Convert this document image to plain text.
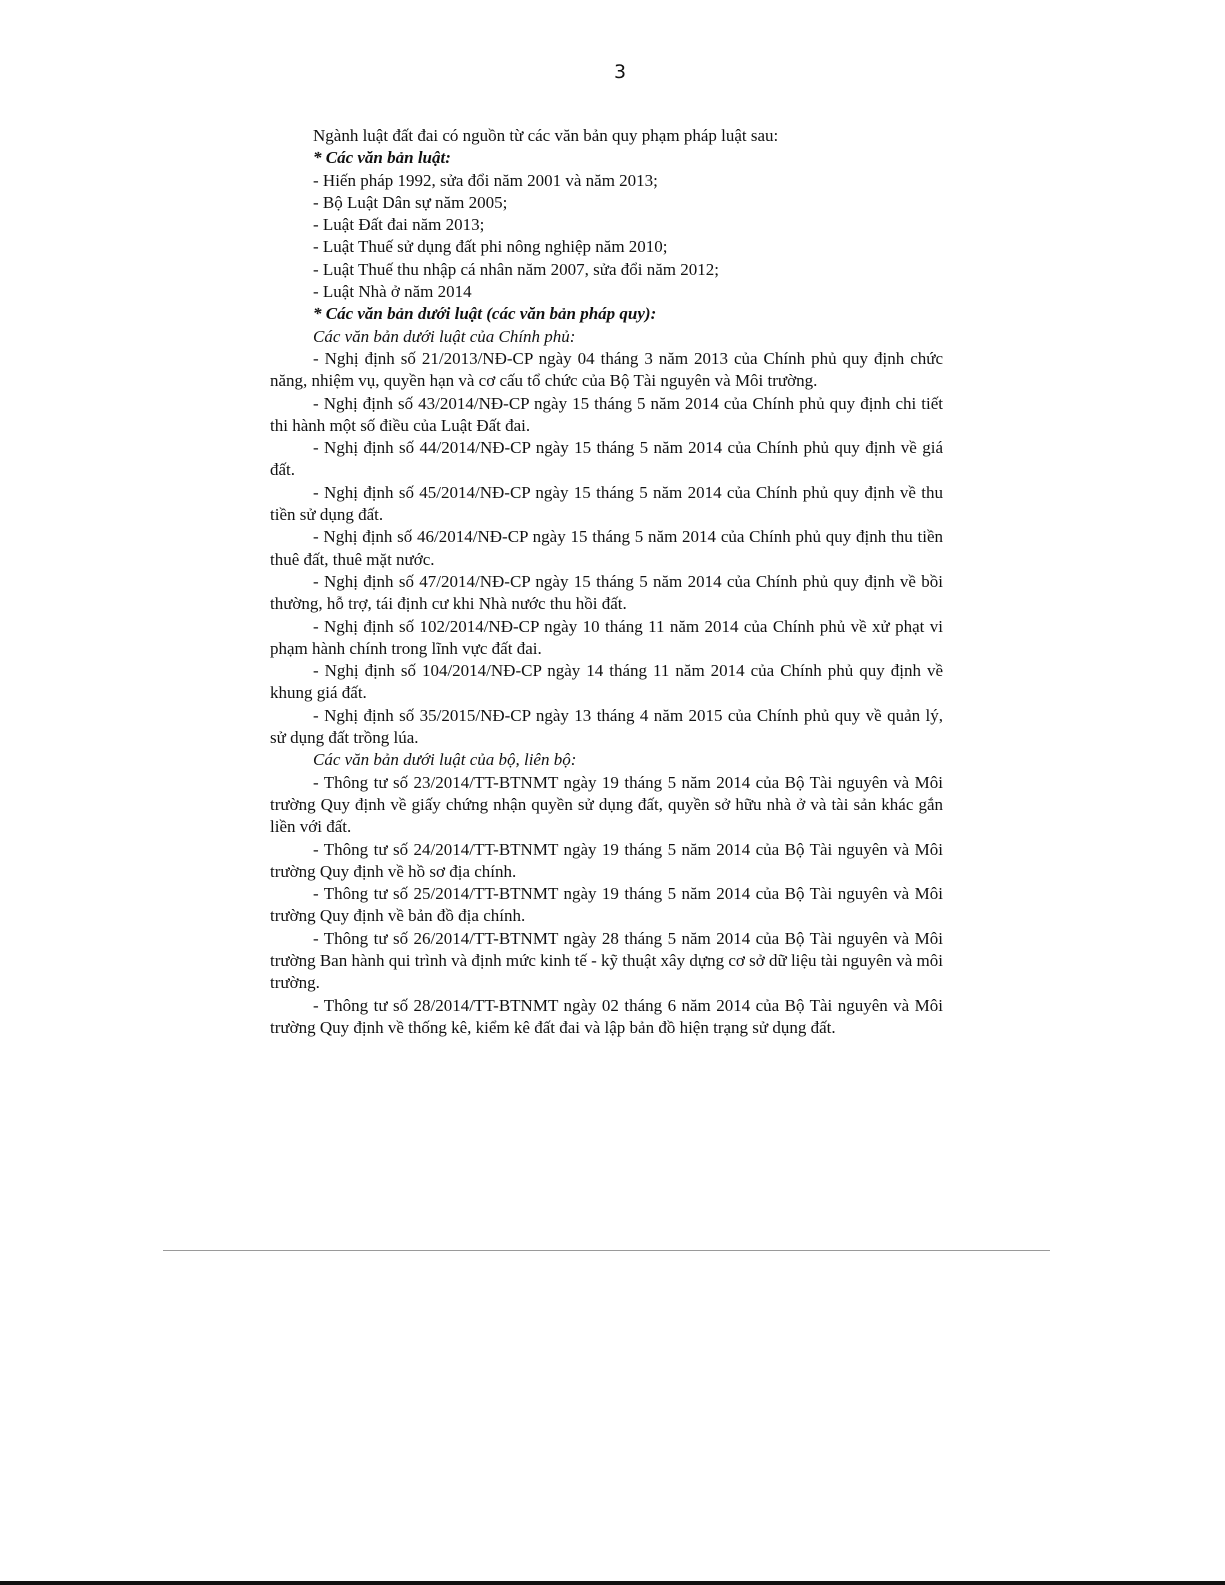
3

Ngành luật đất đai có nguồn từ các văn bản quy phạm pháp luật sau:

* Các văn bản luật:

- Hiến pháp 1992, sửa đổi năm 2001 và năm 2013;

- Bộ Luật Dân sự năm 2005;

- Luật Đất đai năm 2013;

- Luật Thuế sử dụng đất phi nông nghiệp năm 2010;

- Luật Thuế thu nhập cá nhân năm 2007, sửa đổi năm 2012;

- Luật Nhà ở năm 2014

* Các văn bản dưới luật (các văn bản pháp quy):

Các văn bản dưới luật của Chính phủ:

- Nghị định số 21/2013/NĐ-CP ngày 04 tháng 3 năm 2013 của Chính phủ quy định chức năng, nhiệm vụ, quyền hạn và cơ cấu tổ chức của Bộ Tài nguyên và Môi trường.

- Nghị định số 43/2014/NĐ-CP ngày 15 tháng 5 năm 2014 của Chính phủ quy định chi tiết thi hành một số điều của Luật Đất đai.

- Nghị định số 44/2014/NĐ-CP ngày 15 tháng 5 năm 2014 của Chính phủ quy định về giá đất.

- Nghị định số 45/2014/NĐ-CP ngày 15 tháng 5 năm 2014 của Chính phủ quy định về thu tiền sử dụng đất.

- Nghị định số 46/2014/NĐ-CP ngày 15 tháng 5 năm 2014 của Chính phủ quy định thu tiền thuê đất, thuê mặt nước.

- Nghị định số 47/2014/NĐ-CP ngày 15 tháng 5 năm 2014 của Chính phủ quy định về bồi thường, hỗ trợ, tái định cư khi Nhà nước thu hồi đất.

- Nghị định số 102/2014/NĐ-CP ngày 10 tháng 11 năm 2014 của Chính phủ về xử phạt vi phạm hành chính trong lĩnh vực đất đai.

- Nghị định số 104/2014/NĐ-CP ngày 14 tháng 11 năm 2014 của Chính phủ quy định về khung giá đất.

- Nghị định số 35/2015/NĐ-CP ngày 13 tháng 4 năm 2015 của Chính phủ quy về quản lý, sử dụng đất trồng lúa.

Các văn bản dưới luật của bộ, liên bộ:

- Thông tư số 23/2014/TT-BTNMT ngày 19 tháng 5 năm 2014 của Bộ Tài nguyên và Môi trường Quy định về giấy chứng nhận quyền sử dụng đất, quyền sở hữu nhà ở và tài sản khác gắn liền với đất.

- Thông tư số 24/2014/TT-BTNMT ngày 19 tháng 5 năm 2014 của Bộ Tài nguyên và Môi trường Quy định về hồ sơ địa chính.

- Thông tư số 25/2014/TT-BTNMT ngày 19 tháng 5 năm 2014 của Bộ Tài nguyên và Môi trường Quy định về bản đồ địa chính.

- Thông tư số 26/2014/TT-BTNMT ngày 28 tháng 5 năm 2014 của Bộ Tài nguyên và Môi trường Ban hành qui trình và định mức kinh tế - kỹ thuật xây dựng cơ sở dữ liệu tài nguyên và môi trường.

- Thông tư số 28/2014/TT-BTNMT ngày 02 tháng 6 năm 2014 của Bộ Tài nguyên và Môi trường Quy định về thống kê, kiểm kê đất đai và lập bản đồ hiện trạng sử dụng đất.
